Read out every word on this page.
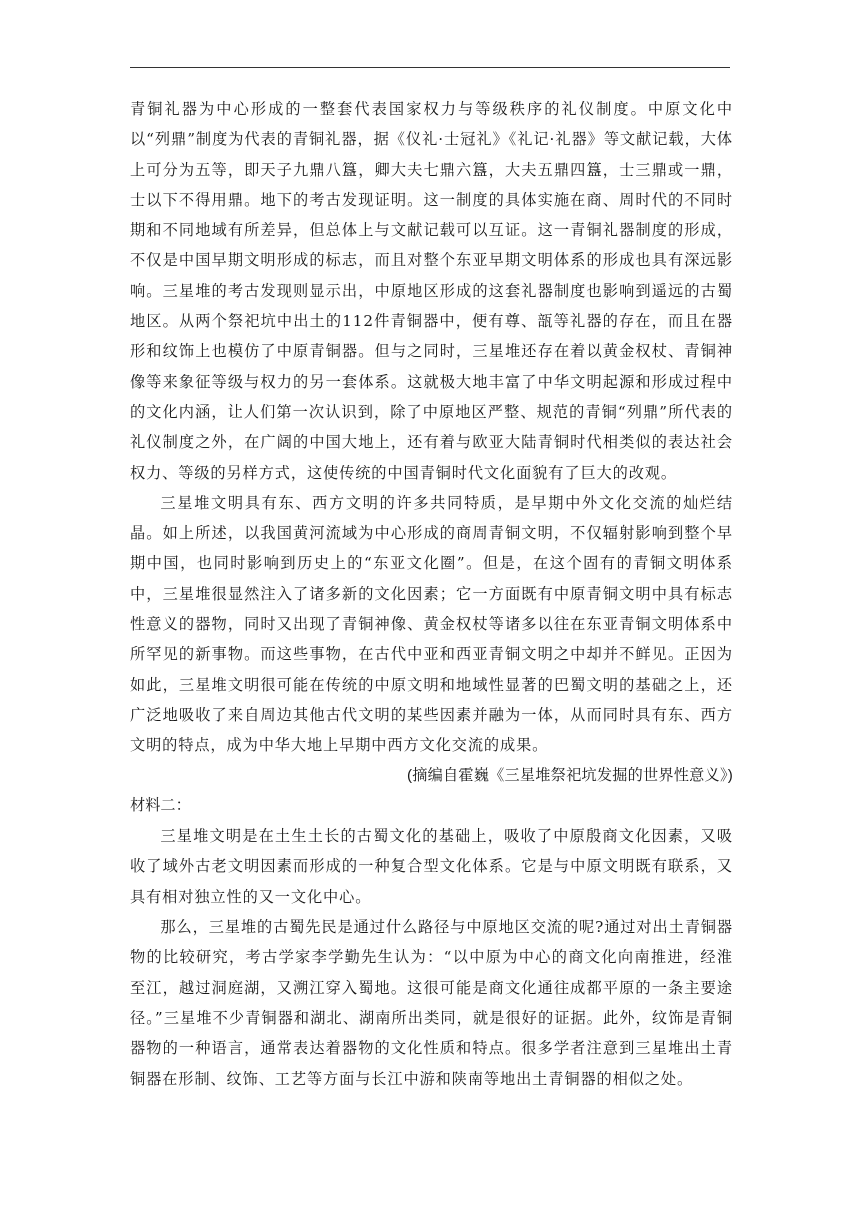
青铜礼器为中心形成的一整套代表国家权力与等级秩序的礼仪制度。中原文化中以“列鼎”制度为代表的青铜礼器，据《仪礼·士冠礼》《礼记·礼器》等文献记载，大体上可分为五等，即天子九鼎八簋，卿大夫七鼎六簋，大夫五鼎四簋，士三鼎或一鼎，士以下不得用鼎。地下的考古发现证明。这一制度的具体实施在商、周时代的不同时期和不同地域有所差异，但总体上与文献记载可以互证。这一青铜礼器制度的形成，不仅是中国早期文明形成的标志，而且对整个东亚早期文明体系的形成也具有深远影响。三星堆的考古发现则显示出，中原地区形成的这套礼器制度也影响到遥远的古蜀地区。从两个祭祀坑中出土的112件青铜器中，便有尊、瓿等礼器的存在，而且在器形和纹饰上也模仿了中原青铜器。但与之同时，三星堆还存在着以黄金权杖、青铜神像等来象征等级与权力的另一套体系。这就极大地丰富了中华文明起源和形成过程中的文化内涵，让人们第一次认识到，除了中原地区严整、规范的青铜“列鼎”所代表的礼仪制度之外，在广阔的中国大地上，还有着与欧亚大陆青铜时代相类似的表达社会权力、等级的另样方式，这使传统的中国青铜时代文化面貌有了巨大的改观。

三星堆文明具有东、西方文明的许多共同特质，是早期中外文化交流的灿烂结晶。如上所述，以我国黄河流域为中心形成的商周青铜文明，不仅辐射影响到整个早期中国，也同时影响到历史上的“东亚文化圈”。但是，在这个固有的青铜文明体系中，三星堆很显然注入了诸多新的文化因素；它一方面既有中原青铜文明中具有标志性意义的器物，同时又出现了青铜神像、黄金权杖等诸多以往在东亚青铜文明体系中所罕见的新事物。而这些事物，在古代中亚和西亚青铜文明之中却并不鲜见。正因为如此，三星堆文明很可能在传统的中原文明和地域性显著的巴蜀文明的基础之上，还广泛地吸收了来自周边其他古代文明的某些因素并融为一体，从而同时具有东、西方文明的特点，成为中华大地上早期中西方文化交流的成果。

(摘编自霍巍《三星堆祭祀坑发掘的世界性意义》)

材料二：

三星堆文明是在土生土长的古蜀文化的基础上，吸收了中原殷商文化因素，又吸收了域外古老文明因素而形成的一种复合型文化体系。它是与中原文明既有联系，又具有相对独立性的又一文化中心。

那么，三星堆的古蜀先民是通过什么路径与中原地区交流的呢?通过对出土青铜器物的比较研究，考古学家李学勤先生认为：“以中原为中心的商文化向南推进，经淮至江，越过洞庭湖，又溯江穿入蜀地。这很可能是商文化通往成都平原的一条主要途径。”三星堆不少青铜器和湖北、湖南所出类同，就是很好的证据。此外，纹饰是青铜器物的一种语言，通常表达着器物的文化性质和特点。很多学者注意到三星堆出土青铜器在形制、纹饰、工艺等方面与长江中游和陕南等地出土青铜器的相似之处。
